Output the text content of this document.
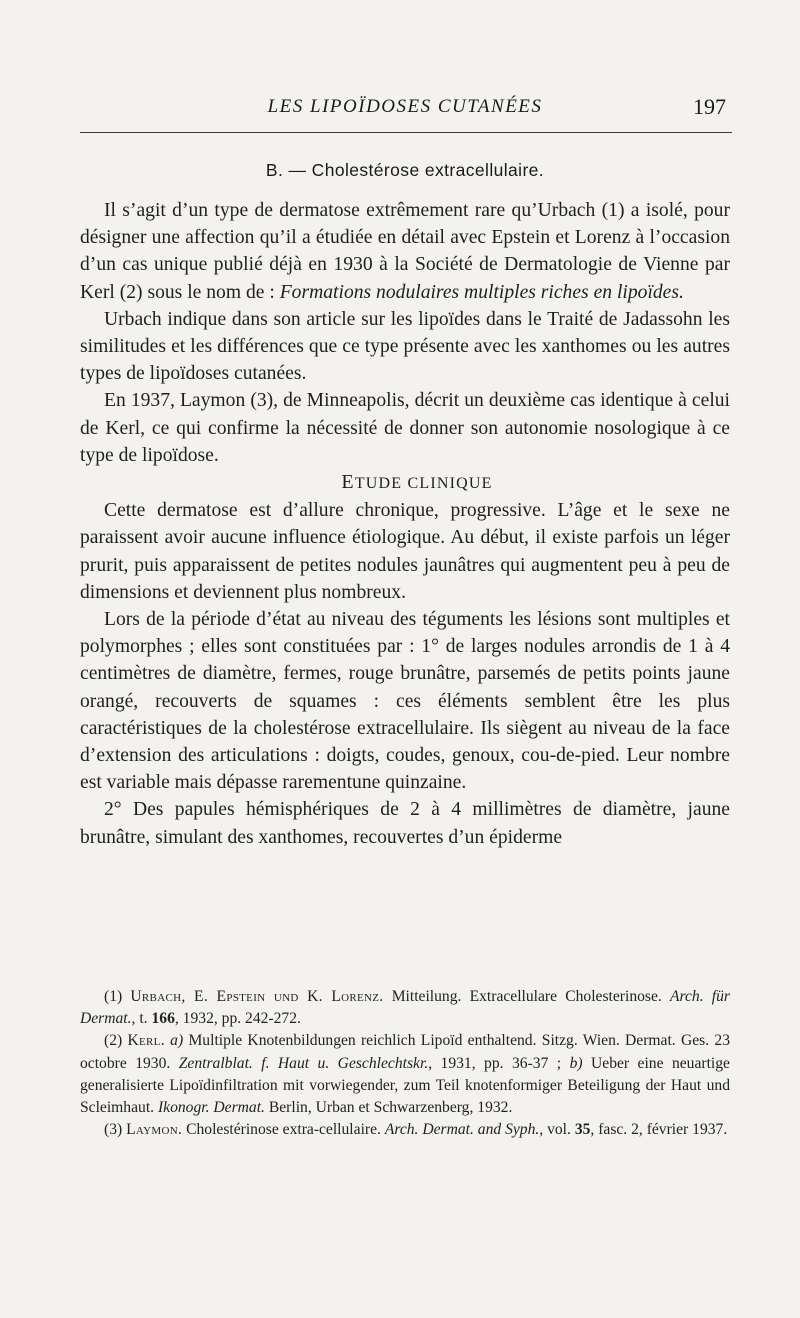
LES LIPOÏDOSES CUTANÉES	197
B. — Cholestérose extracellulaire.

Il s’agit d’un type de dermatose extrêmement rare qu’Urbach (1) a isolé, pour désigner une affection qu’il a étudiée en détail avec Epstein et Lorenz à l’occasion d’un cas unique publié déjà en 1930 à la Société de Dermatologie de Vienne par Kerl (2) sous le nom de : Formations nodulaires multiples riches en lipoïdes.

Urbach indique dans son article sur les lipoïdes dans le Traité de Jadassohn les similitudes et les différences que ce type présente avec les xanthomes ou les autres types de lipoïdoses cutanées.

En 1937, Laymon (3), de Minneapolis, décrit un deuxième cas identique à celui de Kerl, ce qui confirme la nécessité de donner son autonomie nosologique à ce type de lipoïdose.

ETUDE CLINIQUE

Cette dermatose est d’allure chronique, progressive. L’âge et le sexe ne paraissent avoir aucune influence étiologique. Au début, il existe parfois un léger prurit, puis apparaissent de petites nodules jaunâtres qui augmentent peu à peu de dimensions et deviennent plus nombreux.

Lors de la période d’état au niveau des téguments les lésions sont multiples et polymorphes ; elles sont constituées par : 1° de larges nodules arrondis de 1 à 4 centimètres de diamètre, fermes, rouge brunâtre, parsemés de petits points jaune orangé, recouverts de squames : ces éléments semblent être les plus caractéristiques de la cholestérose extracellulaire. Ils siègent au niveau de la face d’extension des articulations : doigts, coudes, genoux, cou-de-pied. Leur nombre est variable mais dépasse rarementune quinzaine.

2° Des papules hémisphériques de 2 à 4 millimètres de diamètre, jaune brunâtre, simulant des xanthomes, recouvertes d’un épiderme

(1) Urbach, E. Epstein und K. Lorenz. Mitteilung. Extracellulare Cholesterinose. Arch. für Dermat., t. 166, 1932, pp. 242-272.

(2) Kerl. a) Multiple Knotenbildungen reichlich Lipoïd enthaltend. Sitzg. Wien. Dermat. Ges. 23 octobre 1930. Zentralblat. f. Haut u. Geschlechtskr., 1931, pp. 36-37 ; b) Ueber eine neuartige generalisierte Lipoïdinfiltration mit vorwiegender, zum Teil knotenformiger Beteiligung der Haut und Scleimhaut. Ikonogr. Dermat. Berlin, Urban et Schwarzenberg, 1932.

(3) Laymon. Cholestérinose extra-cellulaire. Arch. Dermat. and Syph., vol. 35, fasc. 2, février 1937.
